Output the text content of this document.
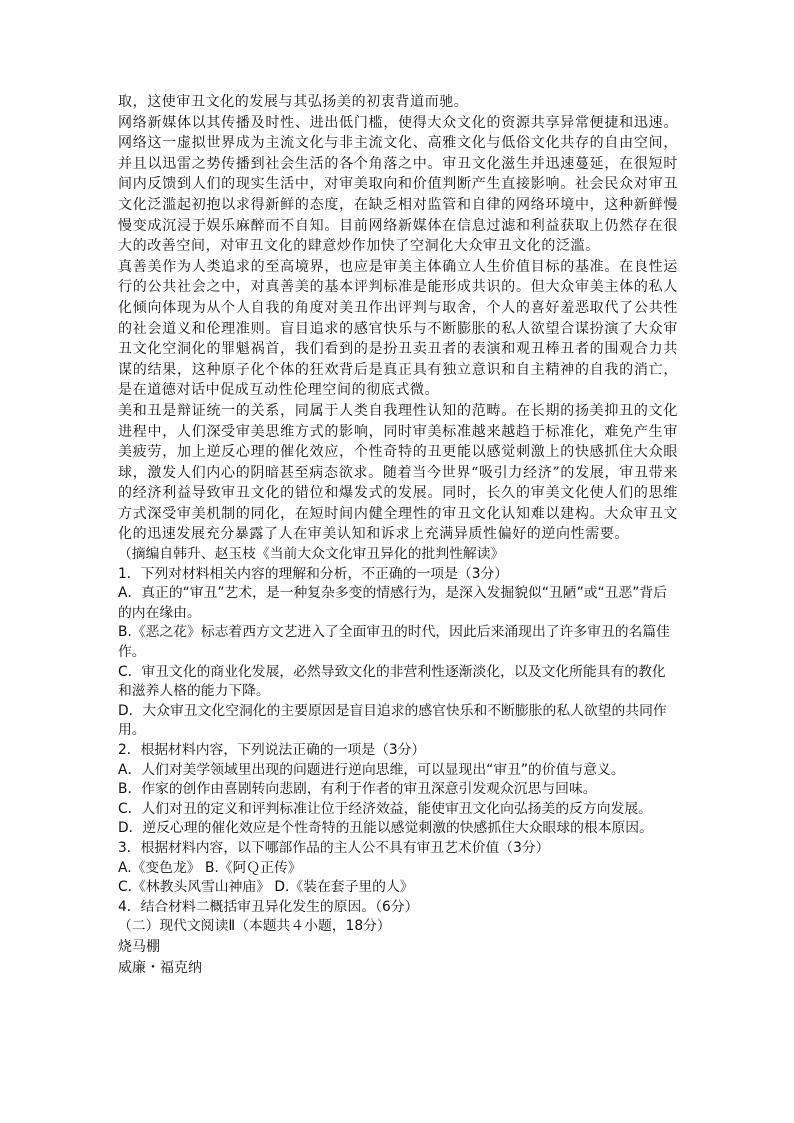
取，这使审丑文化的发展与其弘扬美的初衷背道而驰。

网络新媒体以其传播及时性、进出低门槛，使得大众文化的资源共享异常便捷和迅速。网络这一虚拟世界成为主流文化与非主流文化、高雅文化与低俗文化共存的自由空间，并且以迅雷之势传播到社会生活的各个角落之中。审丑文化滋生并迅速蔓延，在很短时间内反馈到人们的现实生活中，对审美取向和价值判断产生直接影响。社会民众对审丑文化泛滥起初抱以求得新鲜的态度，在缺乏相对监管和自律的网络环境中，这种新鲜慢慢变成沉浸于娱乐麻醉而不自知。目前网络新媒体在信息过滤和利益获取上仍然存在很大的改善空间，对审丑文化的肆意炒作加快了空洞化大众审丑文化的泛滥。

真善美作为人类追求的至高境界，也应是审美主体确立人生价值目标的基准。在良性运行的公共社会之中，对真善美的基本评判标准是能形成共识的。但大众审美主体的私人化倾向体现为从个人自我的角度对美丑作出评判与取舍，个人的喜好羞恶取代了公共性的社会道义和伦理准则。盲目追求的感官快乐与不断膨胀的私人欲望合谋扮演了大众审丑文化空洞化的罪魁祸首，我们看到的是扮丑卖丑者的表演和观丑棒丑者的围观合力共谋的结果，这种原子化个体的狂欢背后是真正具有独立意识和自主精神的自我的消亡，是在道德对话中促成互动性伦理空间的彻底式微。

美和丑是辩证统一的关系，同属于人类自我理性认知的范畴。在长期的扬美抑丑的文化进程中，人们深受审美思维方式的影响，同时审美标准越来越趋于标准化，难免产生审美疲劳，加上逆反心理的催化效应，个性奇特的丑更能以感觉刺激上的快感抓住大众眼球，激发人们内心的阴暗甚至病态欲求。随着当今世界“吸引力经济”的发展，审丑带来的经济利益导致审丑文化的错位和爆发式的发展。同时，长久的审美文化使人们的思维方式深受审美机制的同化，在短时间内健全理性的审丑文化认知难以建构。大众审丑文化的迅速发展充分暴露了人在审美认知和诉求上充满异质性偏好的逆向性需要。

（摘编自韩升、赵玉枝《当前大众文化审丑异化的批判性解读》

1．下列对材料相关内容的理解和分析，不正确的一项是（3分）

A．真正的“审丑”艺术，是一种复杂多变的情感行为，是深入发掘貌似“丑陋”或“丑恶”背后的内在缘由。

B.《恶之花》标志着西方文艺进入了全面审丑的时代，因此后来涌现出了许多审丑的名篇佳作。

C．审丑文化的商业化发展，必然导致文化的非营利性逐渐淡化，以及文化所能具有的教化和滋养人格的能力下降。

D．大众审丑文化空洞化的主要原因是盲目追求的感官快乐和不断膨胀的私人欲望的共同作用。

2．根据材料内容，下列说法正确的一项是（3分）

A．人们对美学领域里出现的问题进行逆向思维，可以显现出“审丑”的价值与意义。

B．作家的创作由喜剧转向悲剧，有利于作者的审丑深意引发观众沉思与回味。

C．人们对丑的定义和评判标准让位于经济效益，能使审丑文化向弘扬美的反方向发展。

D．逆反心理的催化效应是个性奇特的丑能以感觉刺激的快感抓住大众眼球的根本原因。

3．根据材料内容，以下哪部作品的主人公不具有审丑艺术价值（3分）

A.《变色龙》 B.《阿Ｑ正传》

C.《林教头风雪山神庙》 D.《装在套子里的人》

4．结合材料二概括审丑异化发生的原因。（6分）

（二）现代文阅读Ⅱ（本题共４小题，18分）

烧马棚

威廉・福克纳
